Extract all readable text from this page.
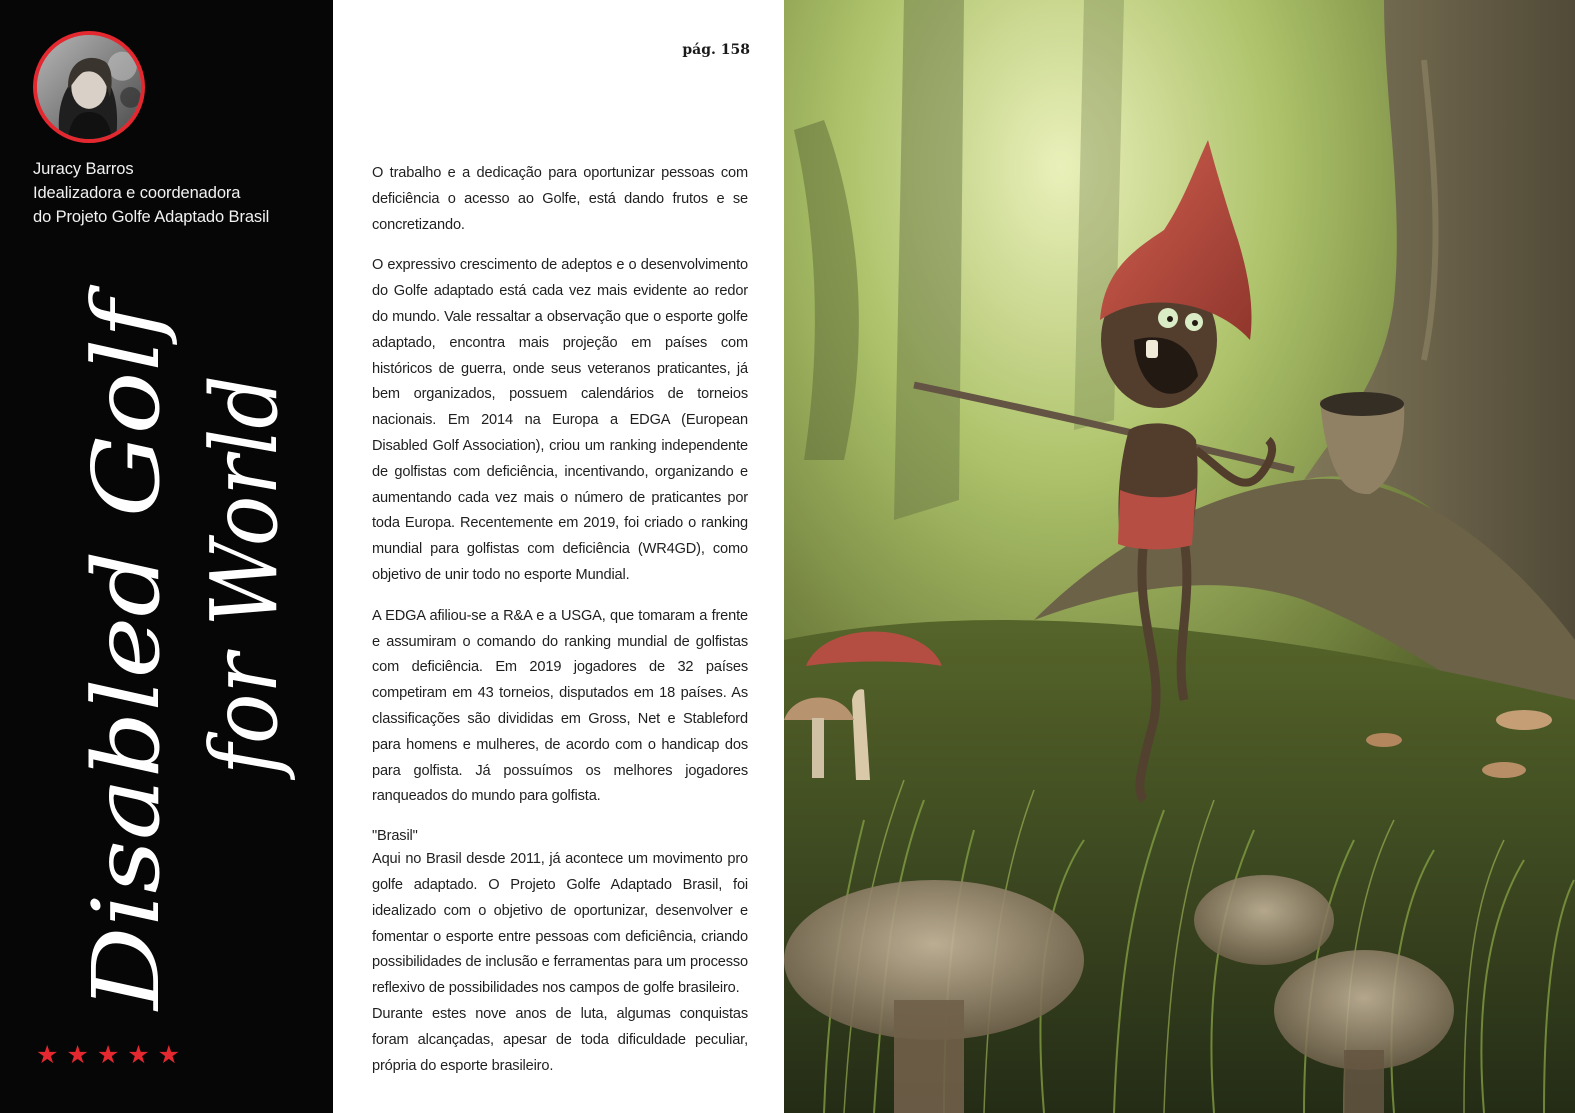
Juracy Barros
Idealizadora e coordenadora
do Projeto Golfe Adaptado Brasil
Disabled Golf for World
★★★★★
pág. 158

O trabalho e a dedicação para oportunizar pessoas com deficiência o acesso ao Golfe, está dando frutos e se concretizando.

O expressivo crescimento de adeptos e o desenvolvimento do Golfe adaptado está cada vez mais evidente ao redor do mundo. Vale ressaltar a observação que o esporte golfe adaptado, encontra mais projeção em países com históricos de guerra, onde seus veteranos praticantes, já bem organizados, possuem calendários de torneios nacionais. Em 2014 na Europa a EDGA (European Disabled Golf Association), criou um ranking independente de golfistas com deficiência, incentivando, organizando e aumentando cada vez mais o número de praticantes por toda Europa. Recentemente em 2019, foi criado o ranking mundial para golfistas com deficiência (WR4GD), como objetivo de unir todo no esporte Mundial.

A EDGA afiliou-se a R&A e a USGA, que tomaram a frente e assumiram o comando do ranking mundial de golfistas com deficiência. Em 2019 jogadores de 32 países competiram em 43 torneios, disputados em 18 países. As classificações são divididas em Gross, Net e Stableford para homens e mulheres, de acordo com o handicap dos para golfista. Já possuímos os melhores jogadores ranqueados do mundo para golfista.

"Brasil"

Aqui no Brasil desde 2011, já acontece um movimento pro golfe adaptado. O Projeto Golfe Adaptado Brasil, foi idealizado com o objetivo de oportunizar, desenvolver e fomentar o esporte entre pessoas com deficiência, criando possibilidades de inclusão e ferramentas para um processo reflexivo de possibilidades nos campos de golfe brasileiro.

Durante estes nove anos de luta, algumas conquistas foram alcançadas, apesar de toda dificuldade peculiar, própria do esporte brasileiro.
